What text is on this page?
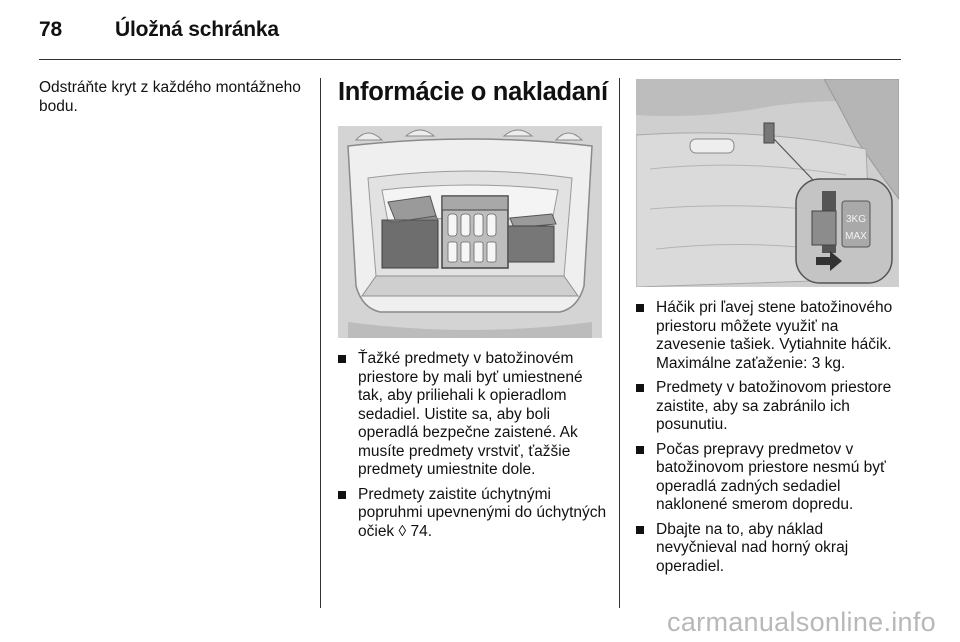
78	Úložná schránka
Odstráňte kryt z každého montážneho bodu.	Informácie o nakladaní
Ťažké predmety v batožinovém priestore by mali byť umiestnené tak, aby priliehali k opieradlom sedadiel. Uistite sa, aby boli operadlá bezpečne zaistené. Ak musíte predmety vrstviť, ťažšie predmety umiestnite dole.
Predmety zaistite úchytnými popruhmi upevnenými do úchytných očiek ◊ 74.
3KG
MAX
Háčik pri ľavej stene batožinového priestoru môžete využiť na zavesenie tašiek. Vytiahnite háčik. Maximálne zaťaženie: 3 kg.
Predmety v batožinovom priestore zaistite, aby sa zabránilo ich posunutiu.
Počas prepravy predmetov v batožinovom priestore nesmú byť operadlá zadných sedadiel naklonené smerom dopredu.
Dbajte na to, aby náklad nevyčnieval nad horný okraj operadiel.
carmanualsonline.info
